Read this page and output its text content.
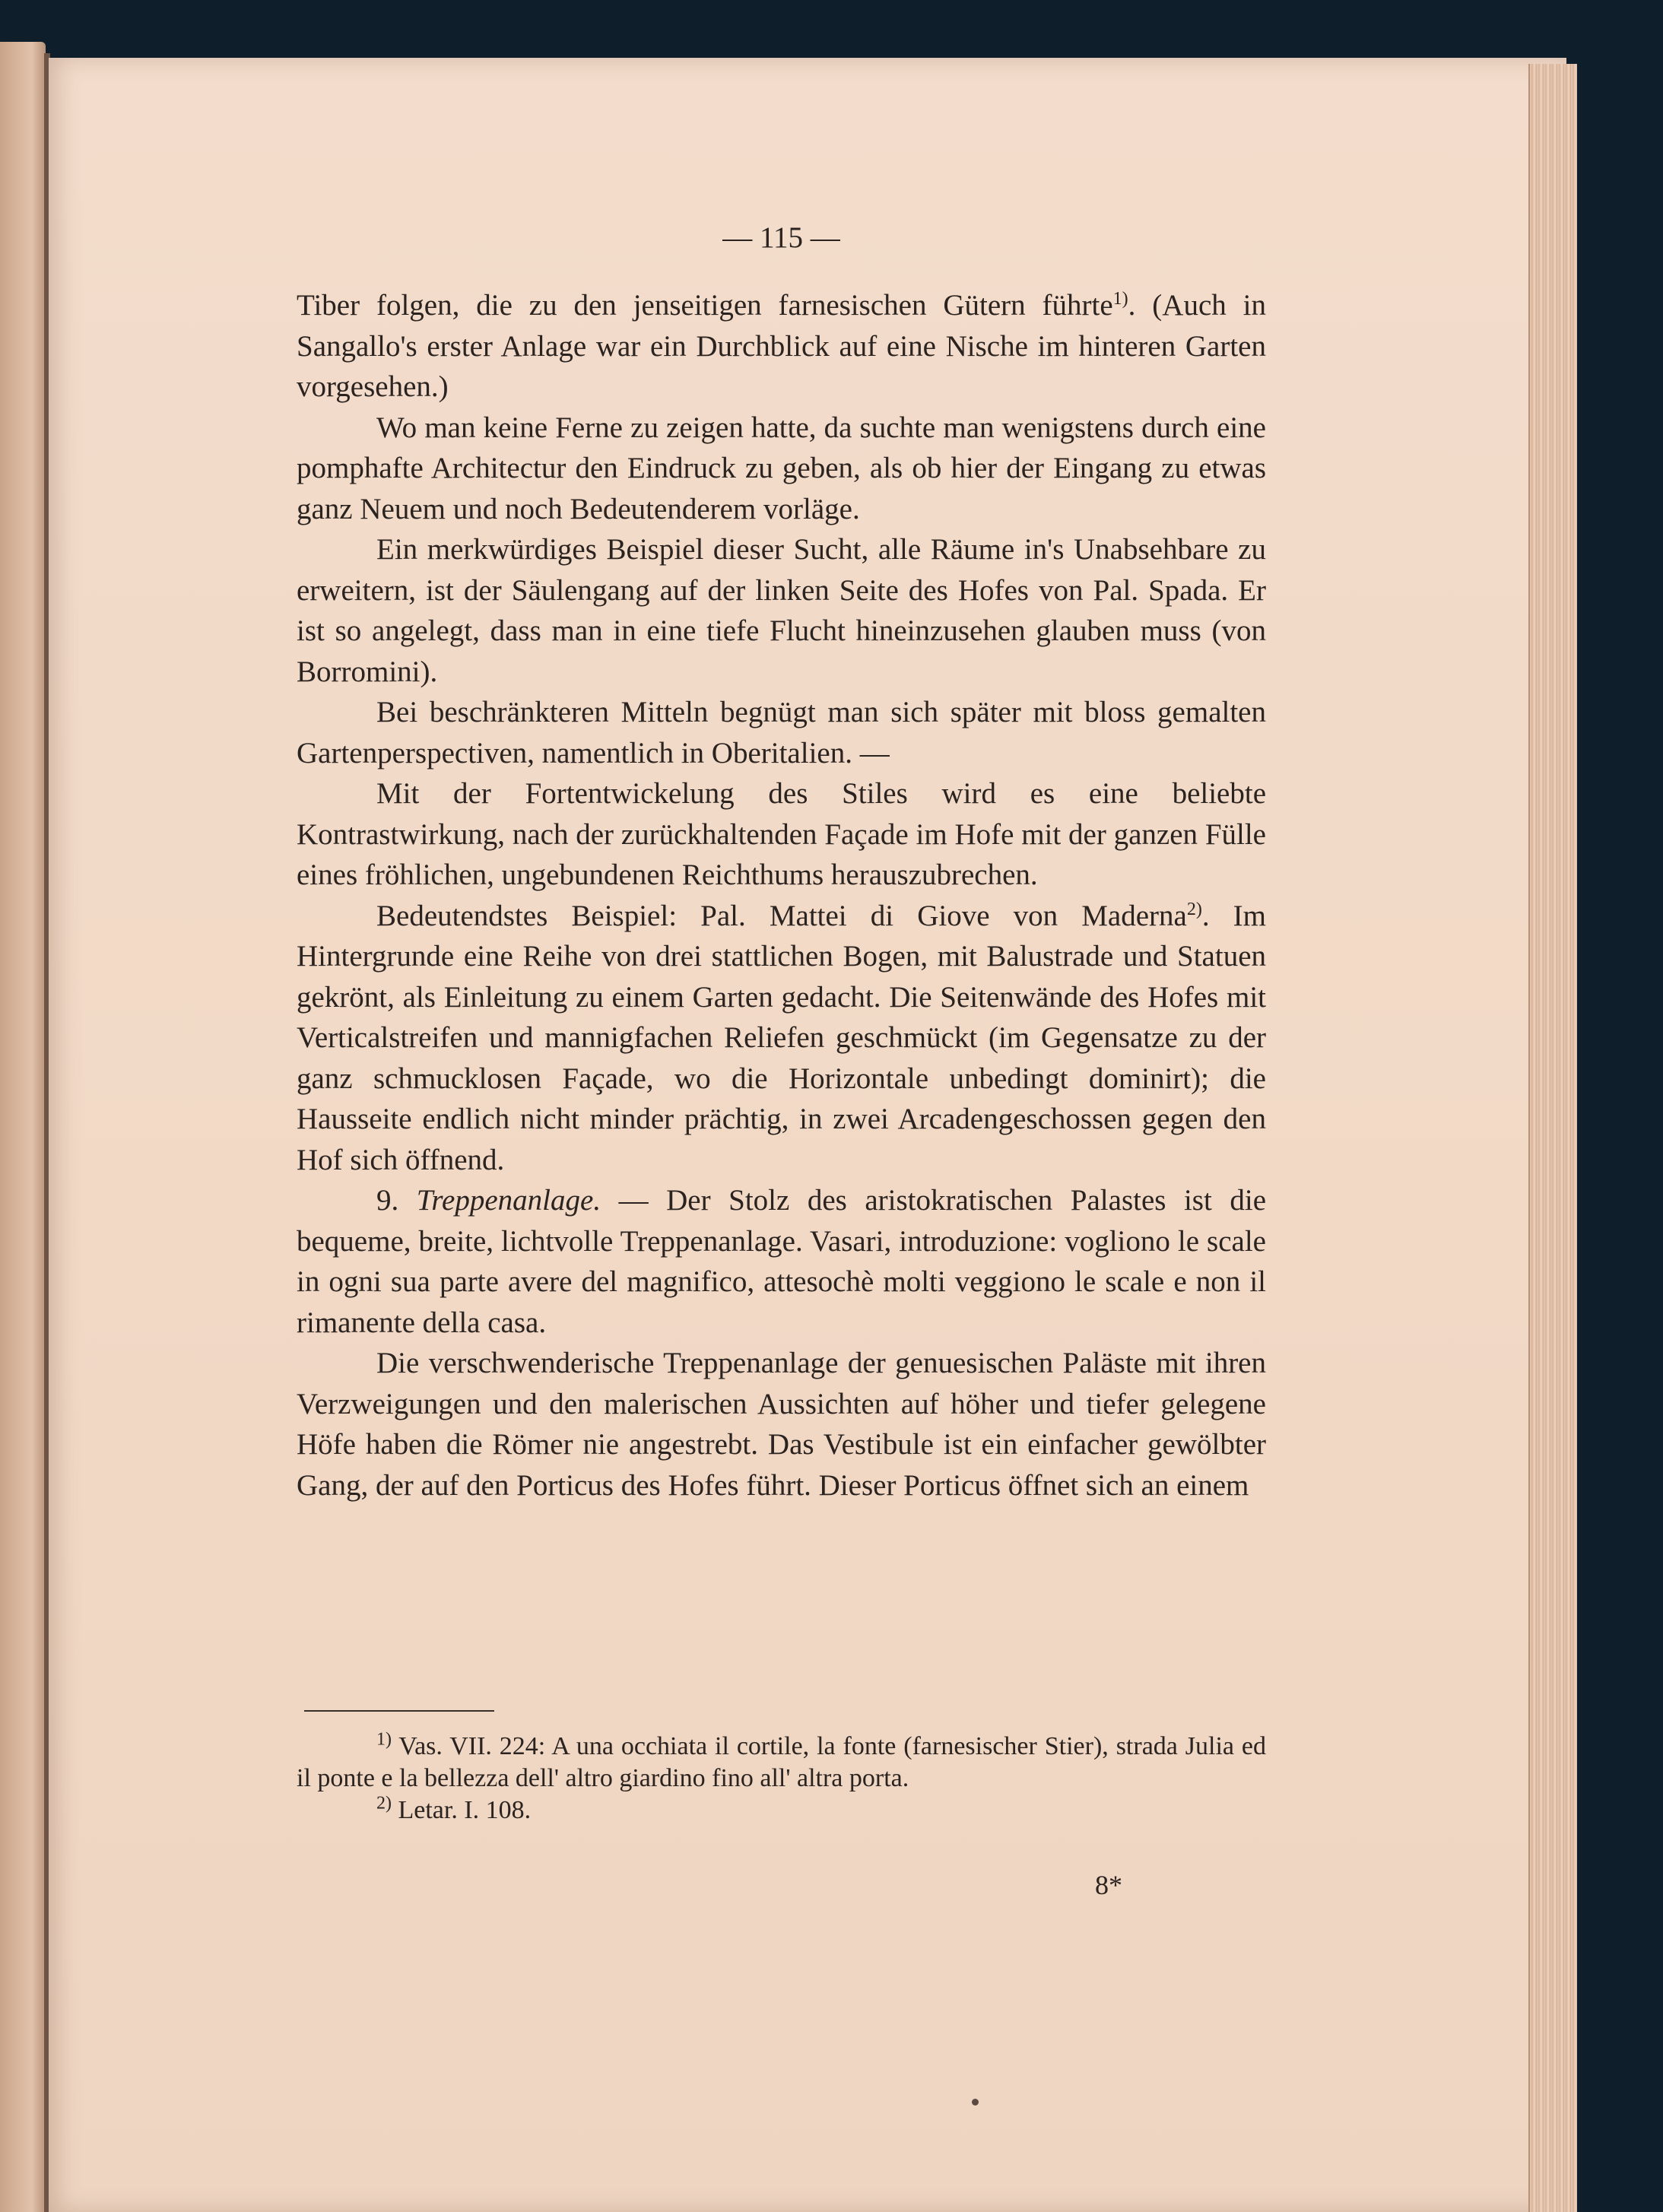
— 115 —

Tiber folgen, die zu den jenseitigen farnesischen Gütern führte$^{1)}$. (Auch in Sangallo's erster Anlage war ein Durchblick auf eine Nische im hinteren Garten vorgesehen.)

Wo man keine Ferne zu zeigen hatte, da suchte man wenigstens durch eine pomphafte Architectur den Eindruck zu geben, als ob hier der Eingang zu etwas ganz Neuem und noch Bedeutenderem vorläge.

Ein merkwürdiges Beispiel dieser Sucht, alle Räume in's Unabsehbare zu erweitern, ist der Säulengang auf der linken Seite des Hofes von Pal. Spada. Er ist so angelegt, dass man in eine tiefe Flucht hineinzusehen glauben muss (von Borromini).

Bei beschränkteren Mitteln begnügt man sich später mit bloss gemalten Gartenperspectiven, namentlich in Oberitalien. —

Mit der Fortentwickelung des Stiles wird es eine beliebte Kontrastwirkung, nach der zurückhaltenden Façade im Hofe mit der ganzen Fülle eines fröhlichen, ungebundenen Reichthums herauszubrechen.

Bedeutendstes Beispiel: Pal. Mattei di Giove von Maderna$^{2)}$. Im Hintergrunde eine Reihe von drei stattlichen Bogen, mit Balustrade und Statuen gekrönt, als Einleitung zu einem Garten gedacht. Die Seitenwände des Hofes mit Verticalstreifen und mannigfachen Reliefen geschmückt (im Gegensatze zu der ganz schmucklosen Façade, wo die Horizontale unbedingt dominirt); die Hausseite endlich nicht minder prächtig, in zwei Arcadengeschossen gegen den Hof sich öffnend.

9. Treppenanlage. — Der Stolz des aristokratischen Palastes ist die bequeme, breite, lichtvolle Treppenanlage. Vasari, introduzione: vogliono le scale in ogni sua parte avere del magnifico, attesochè molti veggiono le scale e non il rimanente della casa.

Die verschwenderische Treppenanlage der genuesischen Paläste mit ihren Verzweigungen und den malerischen Aussichten auf höher und tiefer gelegene Höfe haben die Römer nie angestrebt. Das Vestibule ist ein einfacher gewölbter Gang, der auf den Porticus des Hofes führt. Dieser Porticus öffnet sich an einem

$^{1)}$ Vas. VII. 224: A una occhiata il cortile, la fonte (farnesischer Stier), strada Julia ed il ponte e la bellezza dell' altro giardino fino all' altra porta.

$^{2)}$ Letar. I. 108.

8*
